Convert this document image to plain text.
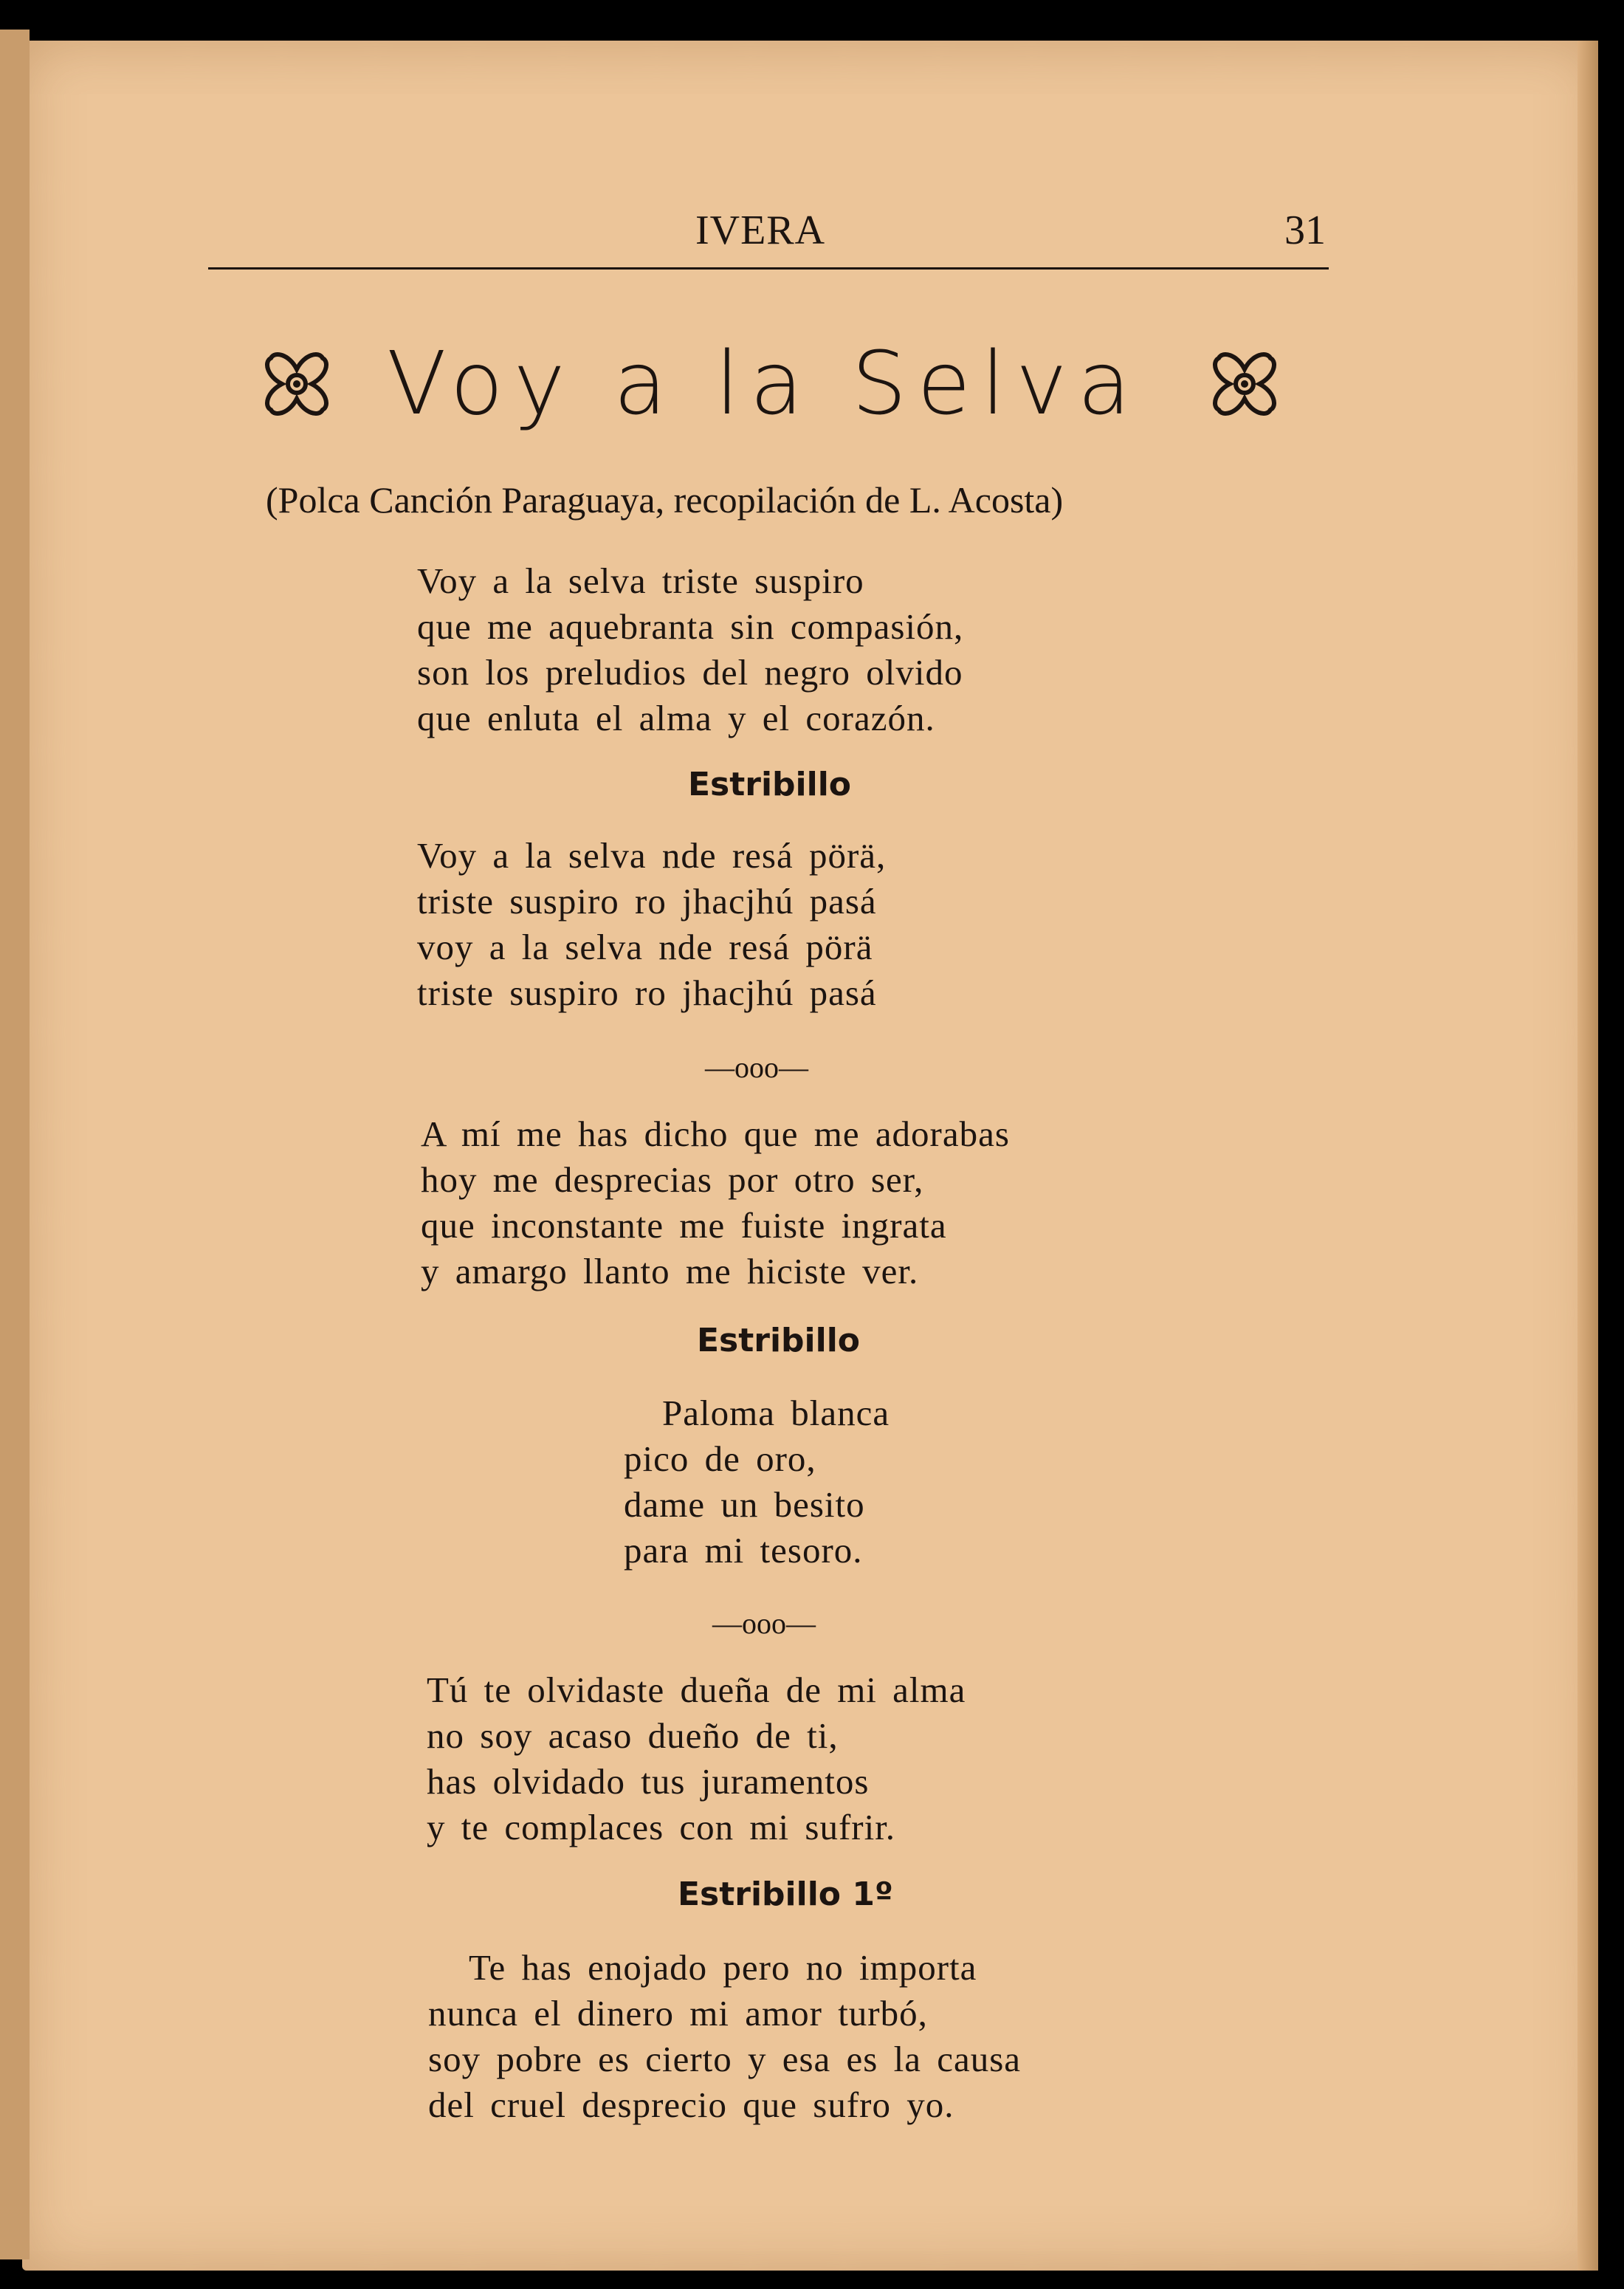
IVERA	31
Voy a la Selva
(Polca Canción Paraguaya, recopilación de L. Acosta)
Voy a la selva triste suspiro
que me aquebranta sin compasión,
son los preludios del negro olvido
que enluta el alma y el corazón.
Estribillo
Voy a la selva nde resá pörä,
triste suspiro ro jhacjhú pasá
voy a la selva nde resá pörä
triste suspiro ro jhacjhú pasá
—ooo—
A mí me has dicho que me adorabas
hoy me desprecias por otro ser,
que inconstante me fuiste ingrata
y amargo llanto me hiciste ver.
Estribillo
Paloma blanca
pico de oro,
dame un besito
para mi tesoro.
—ooo—
Tú te olvidaste dueña de mi alma
no soy acaso dueño de ti,
has olvidado tus juramentos
y te complaces con mi sufrir.
Estribillo 1º
Te has enojado pero no importa
nunca el dinero mi amor turbó,
soy pobre es cierto y esa es la causa
del cruel desprecio que sufro yo.
